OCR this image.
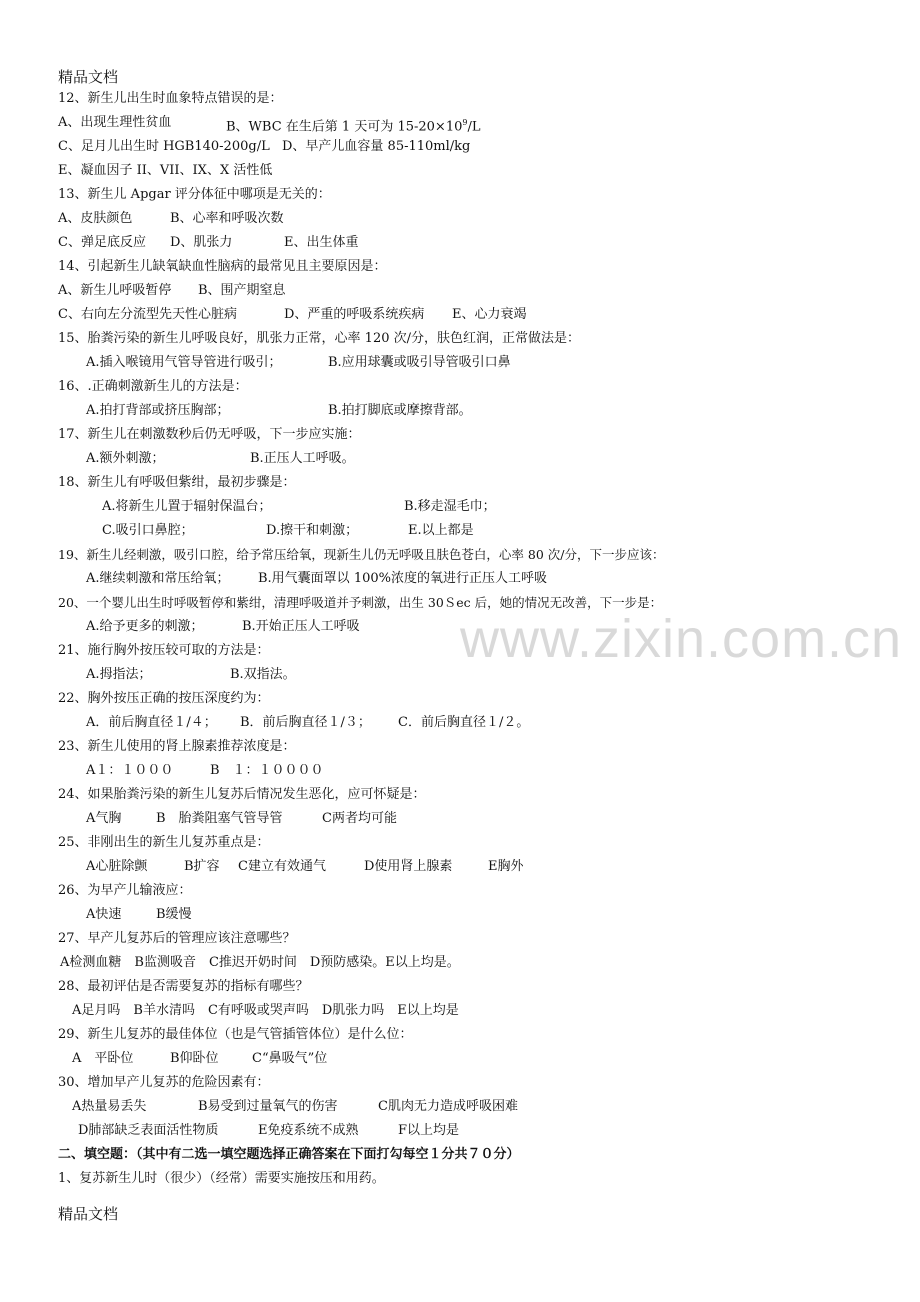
精品文档
12、新生儿出生时血象特点错误的是：
A、出现生理性贫血	B、WBC 在生后第 1 天可为 $15-20\times 10^9/L$
C、足月儿出生时 HGB140-200g/L D、早产儿血容量 85-110ml/kg
E、凝血因子 II、VII、IX、X 活性低
13、新生儿 Apgar 评分体征中哪项是无关的：
A、皮肤颜色	B、心率和呼吸次数
C、弹足底反应 D、肌张力	E、出生体重
14、引起新生儿缺氧缺血性脑病的最常见且主要原因是：
A、新生儿呼吸暂停 B、围产期窒息
C、右向左分流型先天性心脏病	D、严重的呼吸系统疾病 E、心力衰竭
15、胎粪污染的新生儿呼吸良好，肌张力正常，心率 120 次/分，肤色红润，正常做法是：
A.插入喉镜用气管导管进行吸引；	B.应用球囊或吸引导管吸引口鼻
16、.正确刺激新生儿的方法是：
A.拍打背部或挤压胸部；	B.拍打脚底或摩擦背部。
17、新生儿在刺激数秒后仍无呼吸，下一步应实施：
A.额外刺激；	B.正压人工呼吸。
18、新生儿有呼吸但紫绀，最初步骤是：
A.将新生儿置于辐射保温台；	B.移走湿毛巾；
C.吸引口鼻腔；	D.擦干和刺激；	E.以上都是
19、新生儿经刺激，吸引口腔，给予常压给氧，现新生儿仍无呼吸且肤色苍白，心率 80 次/分，下一步应该：
A.继续刺激和常压给氧； B.用气囊面罩以 100%浓度的氧进行正压人工呼吸
20、一个婴儿出生时呼吸暂停和紫绀，清理呼吸道并予刺激，出生 30Ｓec 后，她的情况无改善，下一步是：
A.给予更多的刺激；	B.开始正压人工呼吸 www.zixin.com.cn
21、施行胸外按压较可取的方法是：
A.拇指法；	B.双指法。
22、胸外按压正确的按压深度约为：
A．前后胸直径１/４； B．前后胸直径１/３； C．前后胸直径１/２。
23、新生儿使用的肾上腺素推荐浓度是：
A１：１０００	B　１：１００００
24、如果胎粪污染的新生儿复苏后情况发生恶化，应可怀疑是：
A气胸	B　胎粪阻塞气管导管	C两者均可能
25、非刚出生的新生儿复苏重点是：
A心脏除颤	B扩容 C建立有效通气	D使用肾上腺素	E胸外
26、为早产儿输液应：
A快速	B缓慢
27、早产儿复苏后的管理应该注意哪些？
A检测血糖　B监测吸音　C推迟开奶时间　D预防感染。E以上均是。
28、最初评估是否需要复苏的指标有哪些？
A足月吗　B羊水清吗　C有呼吸或哭声吗　D肌张力吗　E以上均是
29、新生儿复苏的最佳体位（也是气管插管体位）是什么位：
A　平卧位	B仰卧位	C“鼻吸气”位
30、增加早产儿复苏的危险因素有：
A热量易丢失	B易受到过量氧气的伤害	C肌肉无力造成呼吸困难
D肺部缺乏表面活性物质	E免疫系统不成熟	F以上均是
二、填空题：（其中有二选一填空题选择正确答案在下面打勾每空１分共７０分）
1、复苏新生儿时（很少）（经常）需要实施按压和用药。
精品文档
